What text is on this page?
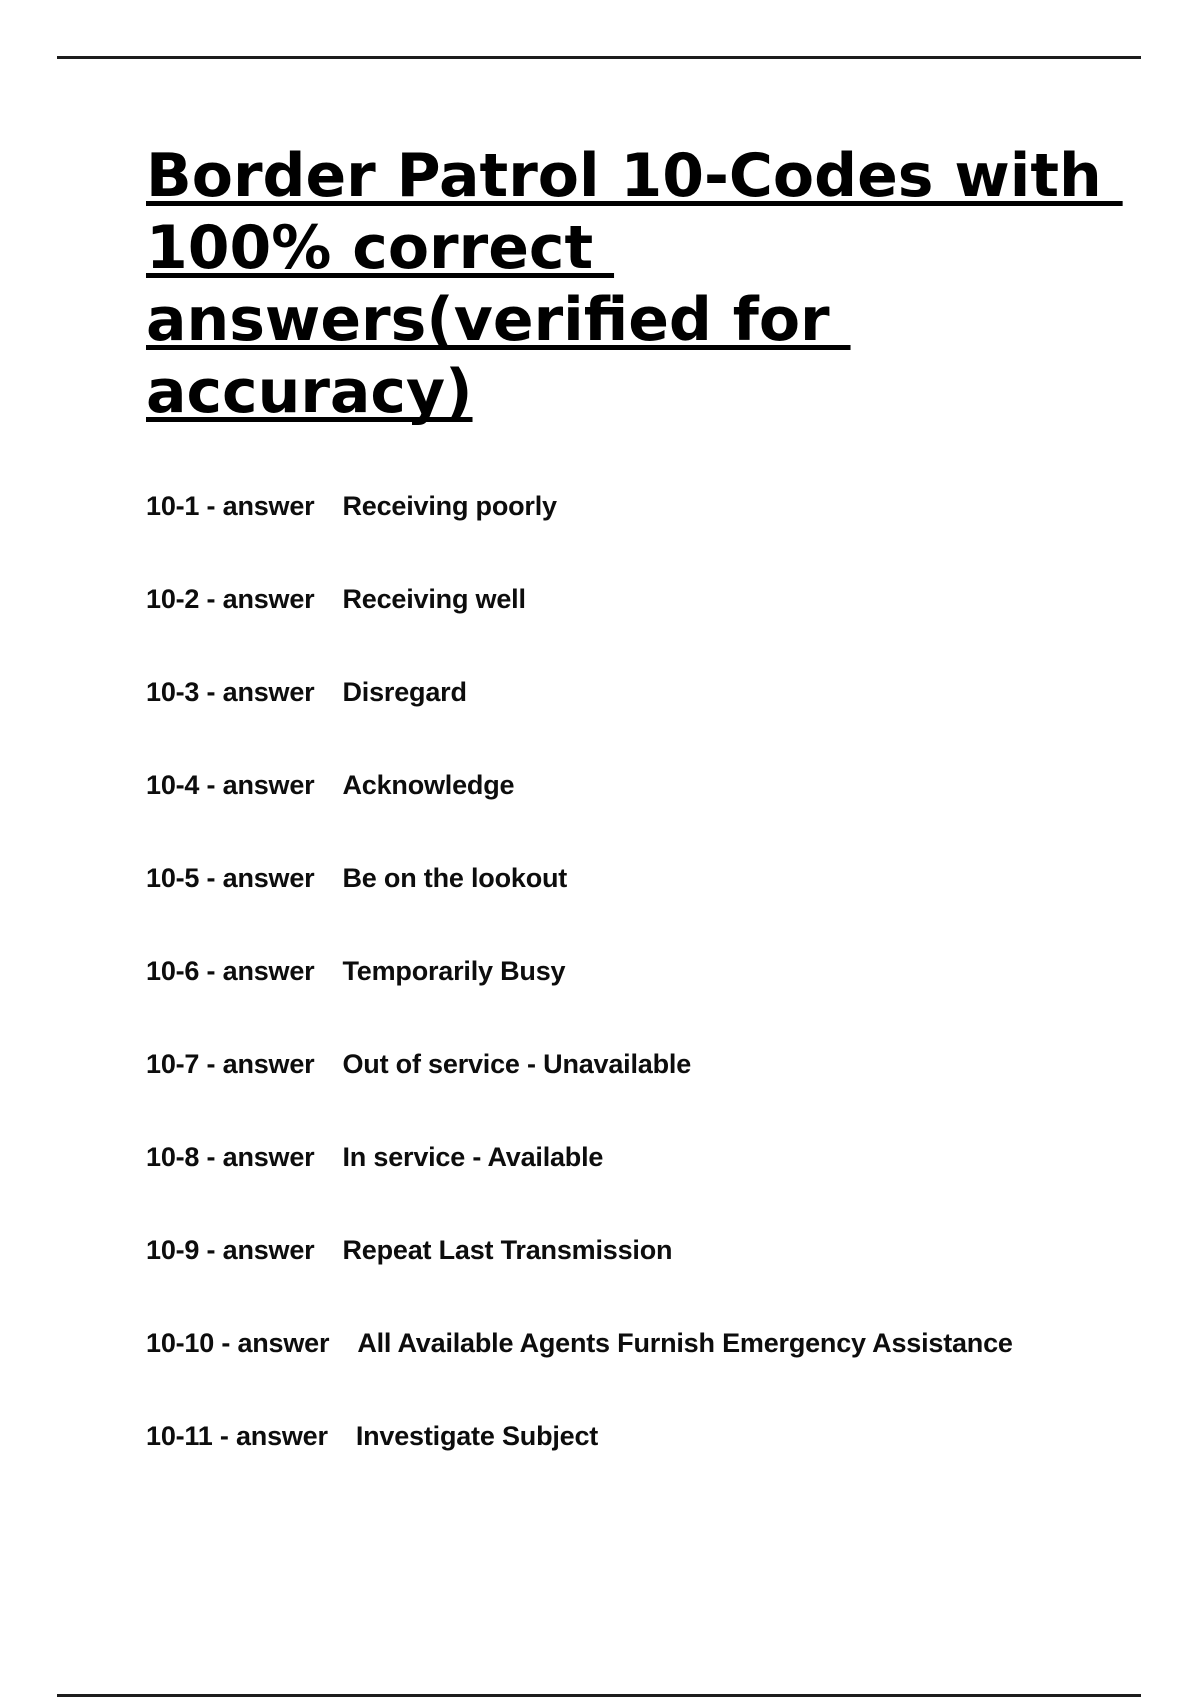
Border Patrol 10-Codes with
100% correct
answers(verified for
accuracy)
10-1 - answer Receiving poorly
10-2 - answer Receiving well
10-3 - answer Disregard
10-4 - answer Acknowledge
10-5 - answer Be on the lookout
10-6 - answer Temporarily Busy
10-7 - answer Out of service - Unavailable
10-8 - answer In service - Available
10-9 - answer Repeat Last Transmission
10-10 - answer All Available Agents Furnish Emergency Assistance
10-11 - answer Investigate Subject
